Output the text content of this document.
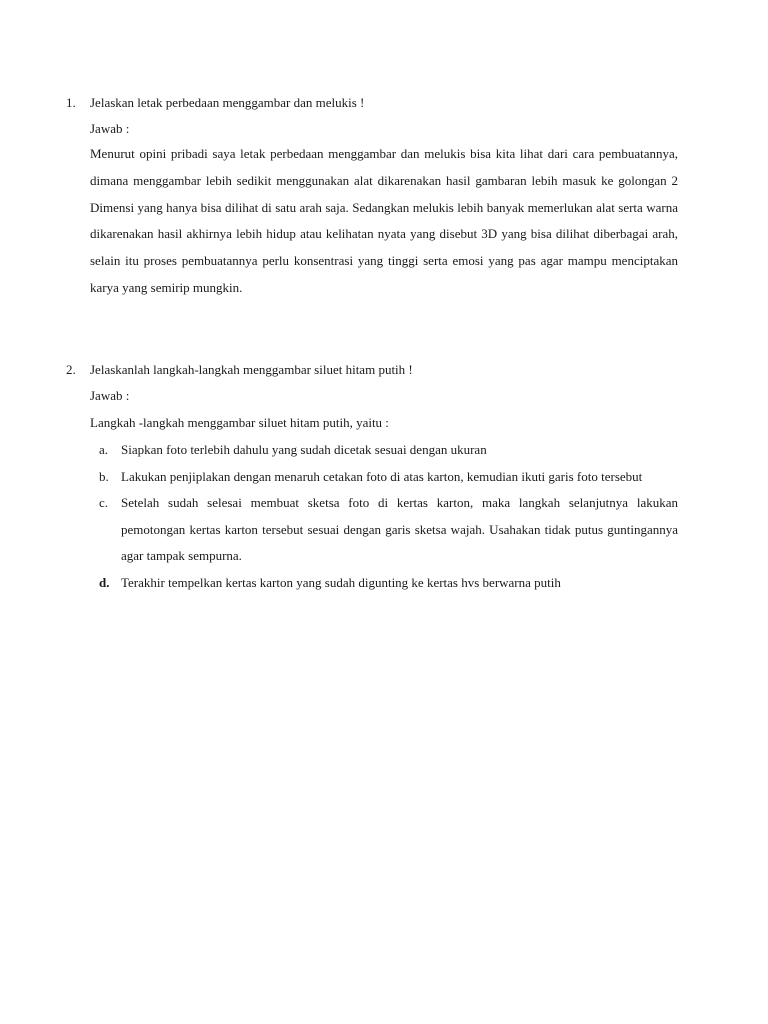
1.	Jelaskan letak perbedaan menggambar dan melukis !
Jawab :

Menurut opini pribadi saya letak perbedaan menggambar dan melukis bisa kita lihat dari cara pembuatannya, dimana menggambar lebih sedikit menggunakan alat dikarenakan hasil gambaran lebih masuk ke golongan 2 Dimensi yang hanya bisa dilihat di satu arah saja. Sedangkan melukis lebih banyak memerlukan alat serta warna dikarenakan hasil akhirnya lebih hidup atau kelihatan nyata yang disebut 3D yang bisa dilihat diberbagai arah, selain itu proses pembuatannya perlu konsentrasi yang tinggi serta emosi yang pas agar mampu menciptakan karya yang semirip mungkin.

2.	Jelaskanlah langkah-langkah menggambar siluet hitam putih !
Jawab :
Langkah -langkah menggambar siluet hitam putih, yaitu :
a. Siapkan foto terlebih dahulu yang sudah dicetak sesuai dengan ukuran
b. Lakukan penjiplakan dengan menaruh cetakan foto di atas karton, kemudian ikuti garis foto tersebut
c. Setelah sudah selesai membuat sketsa foto di kertas karton, maka langkah selanjutnya lakukan pemotongan kertas karton tersebut sesuai dengan garis sketsa wajah. Usahakan tidak putus guntingannya agar tampak sempurna.
d. Terakhir tempelkan kertas karton yang sudah digunting ke kertas hvs berwarna putih
